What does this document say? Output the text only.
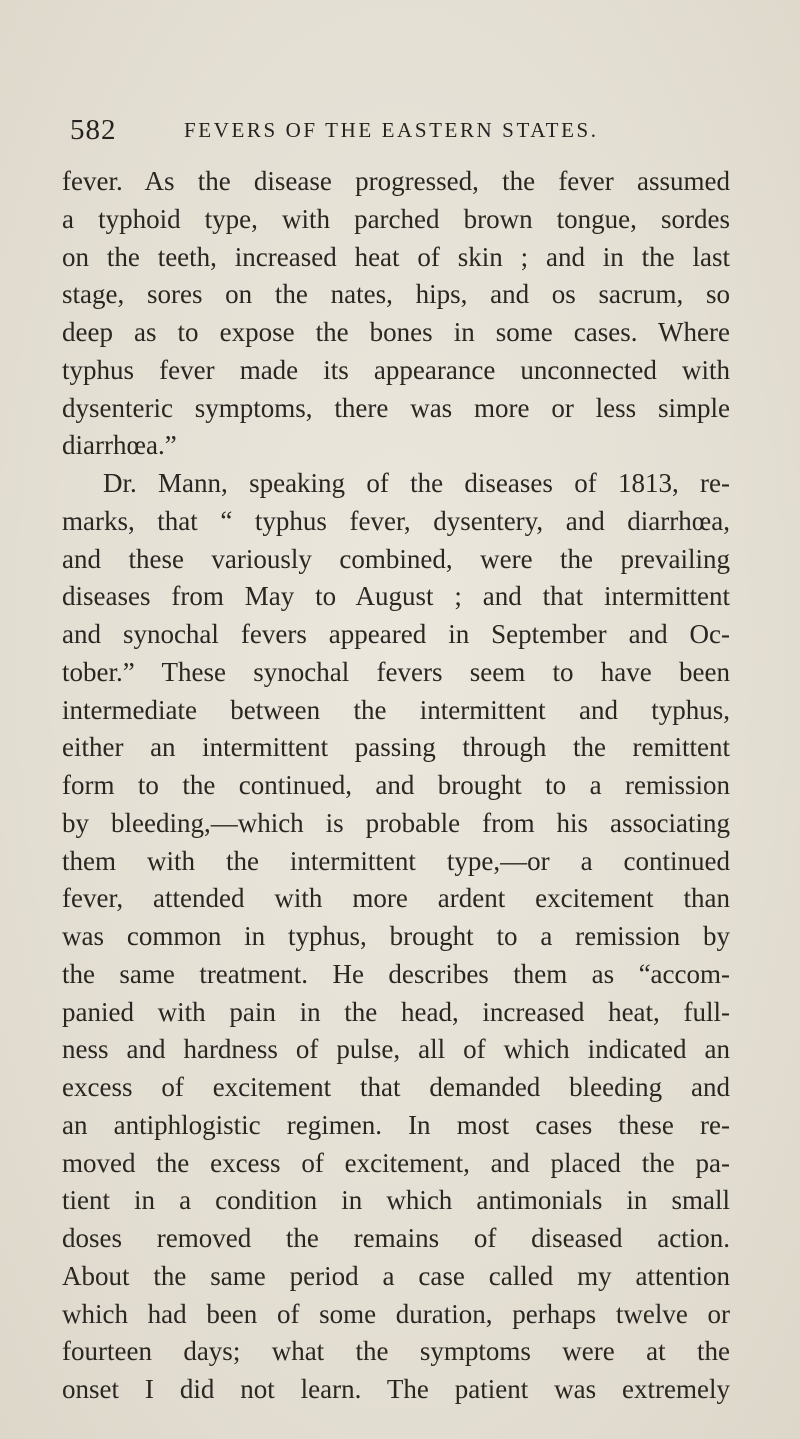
582	FEVERS OF THE EASTERN STATES.
fever. As the disease progressed, the fever assumed
a typhoid type, with parched brown tongue, sordes
on the teeth, increased heat of skin ; and in the last
stage, sores on the nates, hips, and os sacrum, so
deep as to expose the bones in some cases. Where
typhus fever made its appearance unconnected with
dysenteric symptoms, there was more or less simple
diarrhœa.”
Dr. Mann, speaking of the diseases of 1813, re-
marks, that “ typhus fever, dysentery, and diarrhœa,
and these variously combined, were the prevailing
diseases from May to August ; and that intermittent
and synochal fevers appeared in September and Oc-
tober.” These synochal fevers seem to have been
intermediate between the intermittent and typhus,
either an intermittent passing through the remittent
form to the continued, and brought to a remission
by bleeding,—which is probable from his associating
them with the intermittent type,—or a continued
fever, attended with more ardent excitement than
was common in typhus, brought to a remission by
the same treatment. He describes them as “accom-
panied with pain in the head, increased heat, full-
ness and hardness of pulse, all of which indicated an
excess of excitement that demanded bleeding and
an antiphlogistic regimen. In most cases these re-
moved the excess of excitement, and placed the pa-
tient in a condition in which antimonials in small
doses removed the remains of diseased action.
About the same period a case called my attention
which had been of some duration, perhaps twelve or
fourteen days; what the symptoms were at the
onset I did not learn. The patient was extremely
